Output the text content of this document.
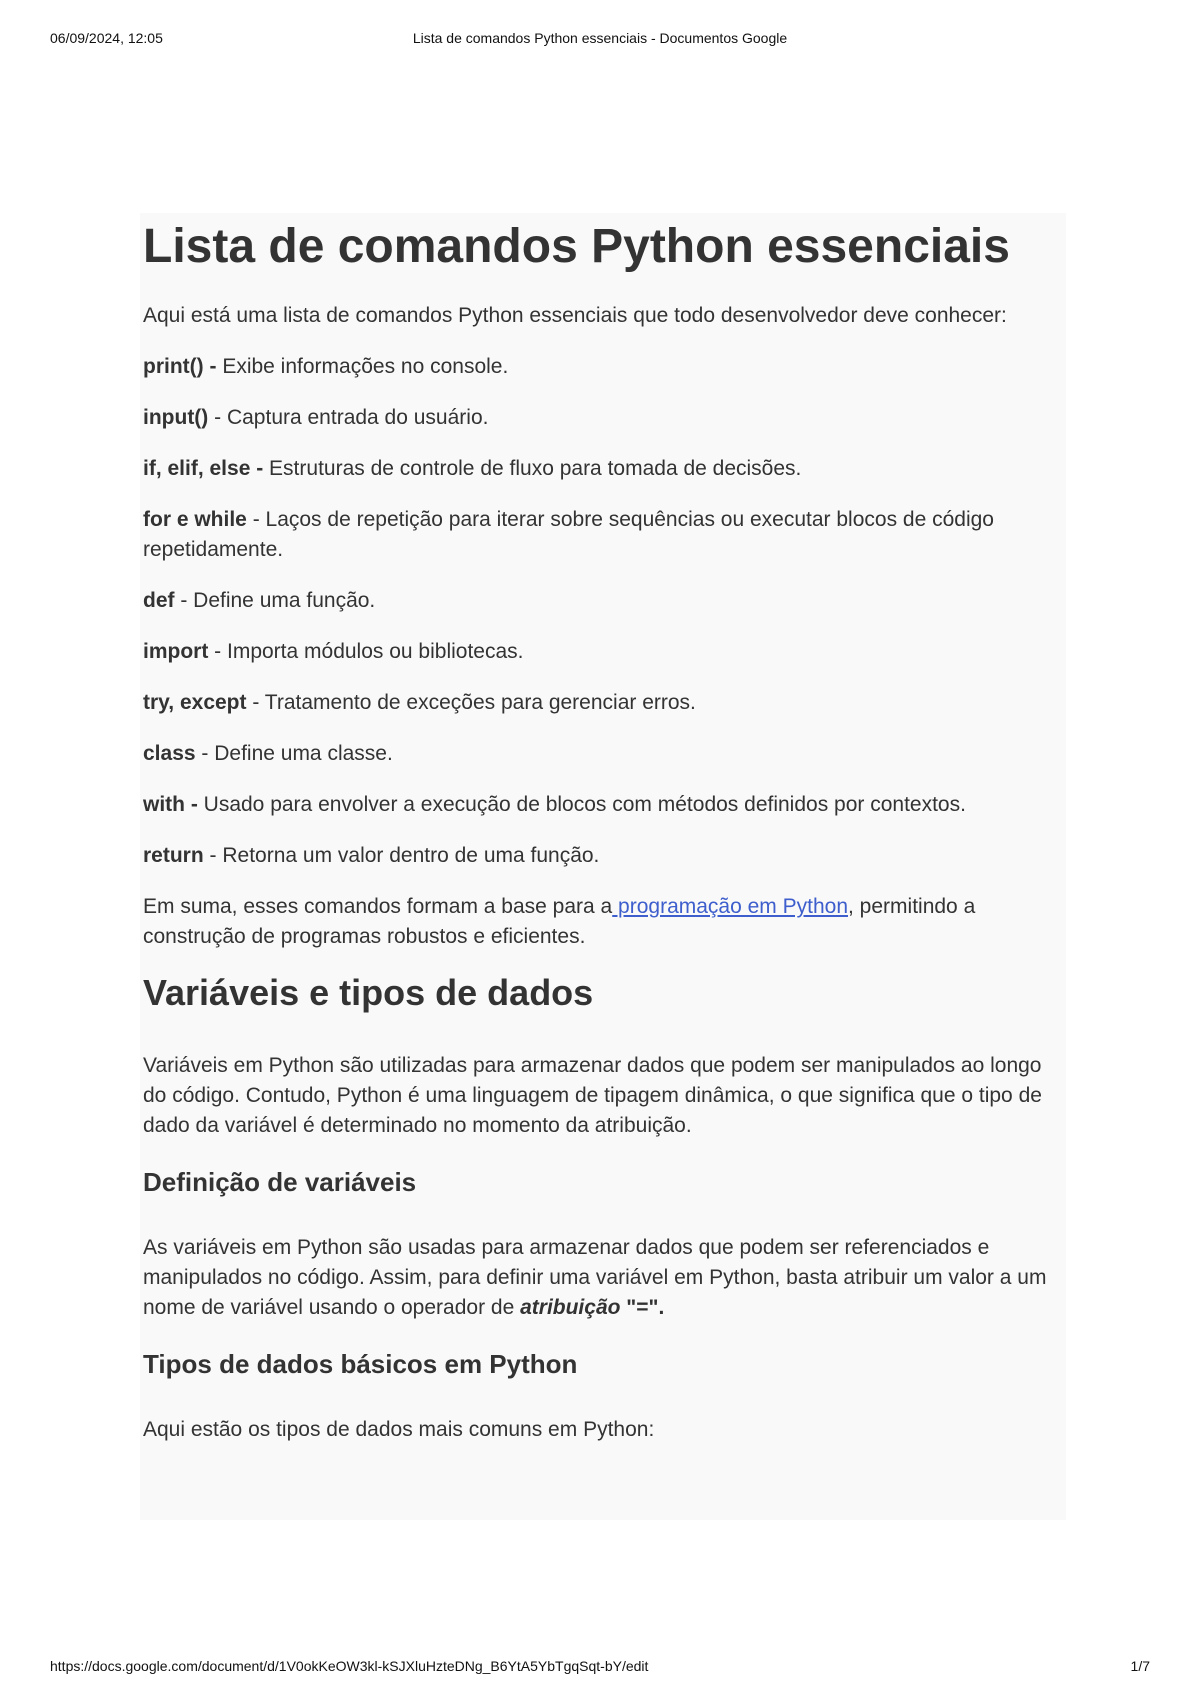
06/09/2024, 12:05	Lista de comandos Python essenciais - Documentos Google
Lista de comandos Python essenciais

Aqui está uma lista de comandos Python essenciais que todo desenvolvedor deve conhecer:

print() - Exibe informações no console.

input() - Captura entrada do usuário.

if, elif, else - Estruturas de controle de fluxo para tomada de decisões.

for e while - Laços de repetição para iterar sobre sequências ou executar blocos de código repetidamente.

def - Define uma função.

import - Importa módulos ou bibliotecas.

try, except - Tratamento de exceções para gerenciar erros.

class - Define uma classe.

with - Usado para envolver a execução de blocos com métodos definidos por contextos.

return - Retorna um valor dentro de uma função.

Em suma, esses comandos formam a base para a programação em Python, permitindo a construção de programas robustos e eficientes.

Variáveis e tipos de dados

Variáveis em Python são utilizadas para armazenar dados que podem ser manipulados ao longo do código. Contudo, Python é uma linguagem de tipagem dinâmica, o que significa que o tipo de dado da variável é determinado no momento da atribuição.

Definição de variáveis

As variáveis em Python são usadas para armazenar dados que podem ser referenciados e manipulados no código. Assim, para definir uma variável em Python, basta atribuir um valor a um nome de variável usando o operador de atribuição "=".

Tipos de dados básicos em Python

Aqui estão os tipos de dados mais comuns em Python:

https://docs.google.com/document/d/1V0okKeOW3kl-kSJXluHzteDNg_B6YtA5YbTgqSqt-bY/edit	1/7
